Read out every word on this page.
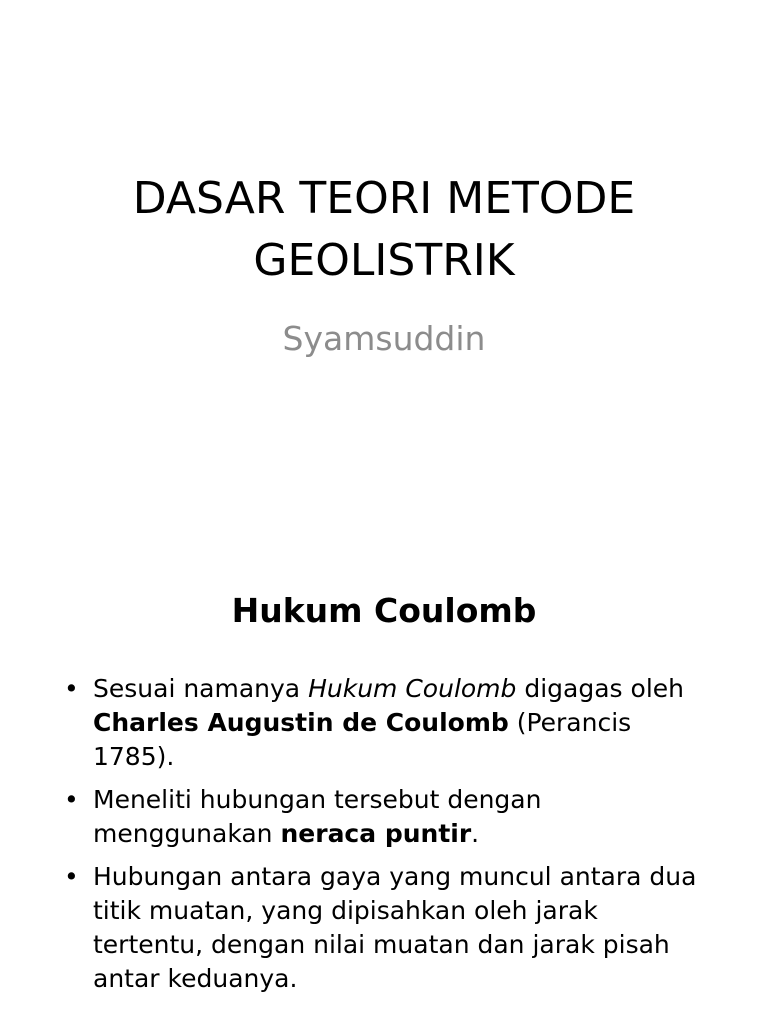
DASAR TEORI METODE
GEOLISTRIK
Syamsuddin
Hukum Coulomb
• Sesuai namanya Hukum Coulomb digagas oleh Charles Augustin de Coulomb (Perancis 1785).
• Meneliti hubungan tersebut dengan menggunakan neraca puntir.
• Hubungan antara gaya yang muncul antara dua titik muatan, yang dipisahkan oleh jarak tertentu, dengan nilai muatan dan jarak pisah antar keduanya.
